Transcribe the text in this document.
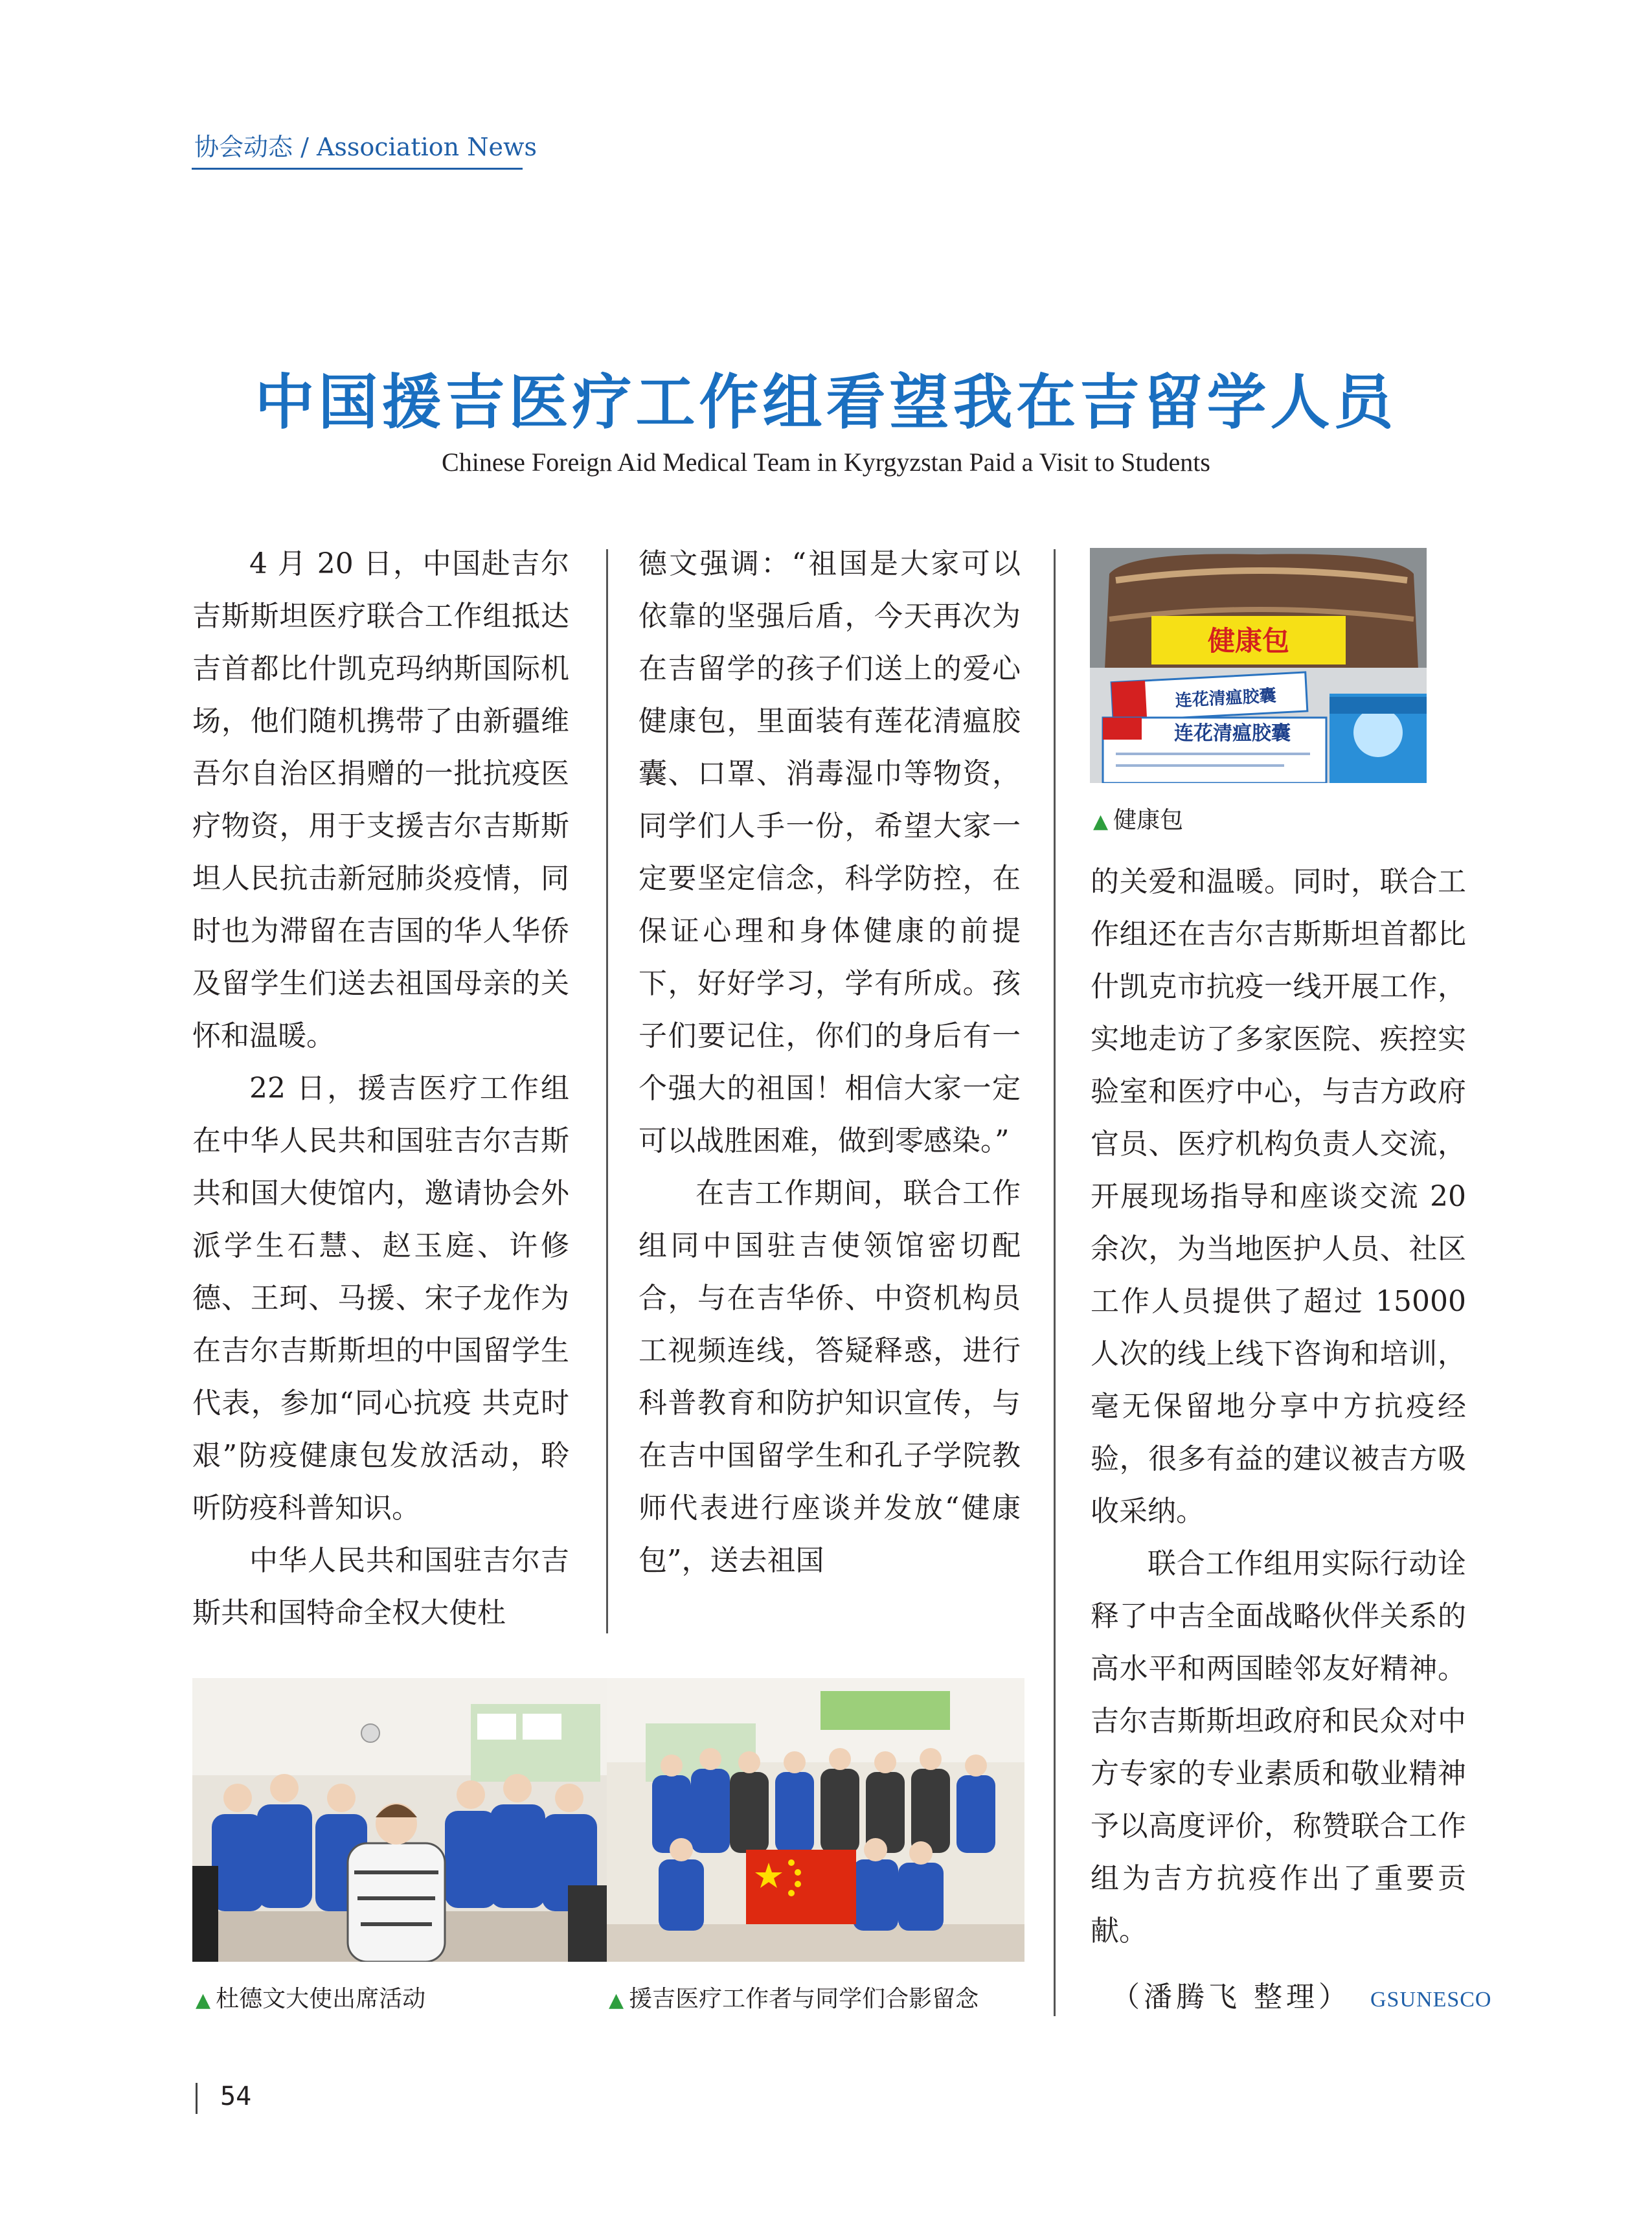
协会动态 / Association News
中国援吉医疗工作组看望我在吉留学人员
Chinese Foreign Aid Medical Team in Kyrgyzstan Paid a Visit to Students

4 月 20 日，中国赴吉尔吉斯斯坦医疗联合工作组抵达吉首都比什凯克玛纳斯国际机场，他们随机携带了由新疆维吾尔自治区捐赠的一批抗疫医疗物资，用于支援吉尔吉斯斯坦人民抗击新冠肺炎疫情，同时也为滞留在吉国的华人华侨及留学生们送去祖国母亲的关怀和温暖。

22 日，援吉医疗工作组在中华人民共和国驻吉尔吉斯共和国大使馆内，邀请协会外派学生石慧、赵玉庭、许修德、王珂、马援、宋子龙作为在吉尔吉斯斯坦的中国留学生代表，参加“同心抗疫 共克时艰”防疫健康包发放活动，聆听防疫科普知识。

中华人民共和国驻吉尔吉斯共和国特命全权大使杜

德文强调：“祖国是大家可以依靠的坚强后盾，今天再次为在吉留学的孩子们送上的爱心健康包，里面装有莲花清瘟胶囊、口罩、消毒湿巾等物资，同学们人手一份，希望大家一定要坚定信念，科学防控，在保证心理和身体健康的前提下，好好学习，学有所成。孩子们要记住，你们的身后有一个强大的祖国！相信大家一定可以战胜困难，做到零感染。”

在吉工作期间，联合工作组同中国驻吉使领馆密切配合，与在吉华侨、中资机构员工视频连线，答疑释惑，进行科普教育和防护知识宣传，与在吉中国留学生和孔子学院教师代表进行座谈并发放“健康包”，送去祖国

健康包
连花清瘟胶囊
连花清瘟胶囊
▲ 健康包

的关爱和温暖。同时，联合工作组还在吉尔吉斯斯坦首都比什凯克市抗疫一线开展工作，实地走访了多家医院、疾控实验室和医疗中心，与吉方政府官员、医疗机构负责人交流，开展现场指导和座谈交流 20 余次，为当地医护人员、社区工作人员提供了超过 15000 人次的线上线下咨询和培训，毫无保留地分享中方抗疫经验，很多有益的建议被吉方吸收采纳。

联合工作组用实际行动诠释了中吉全面战略伙伴关系的高水平和两国睦邻友好精神。吉尔吉斯斯坦政府和民众对中方专家的专业素质和敬业精神予以高度评价，称赞联合工作组为吉方抗疫作出了重要贡献。

▲ 杜德文大使出席活动	▲ 援吉医疗工作者与同学们合影留念	（潘腾飞 整理） GSUNESCO
54
